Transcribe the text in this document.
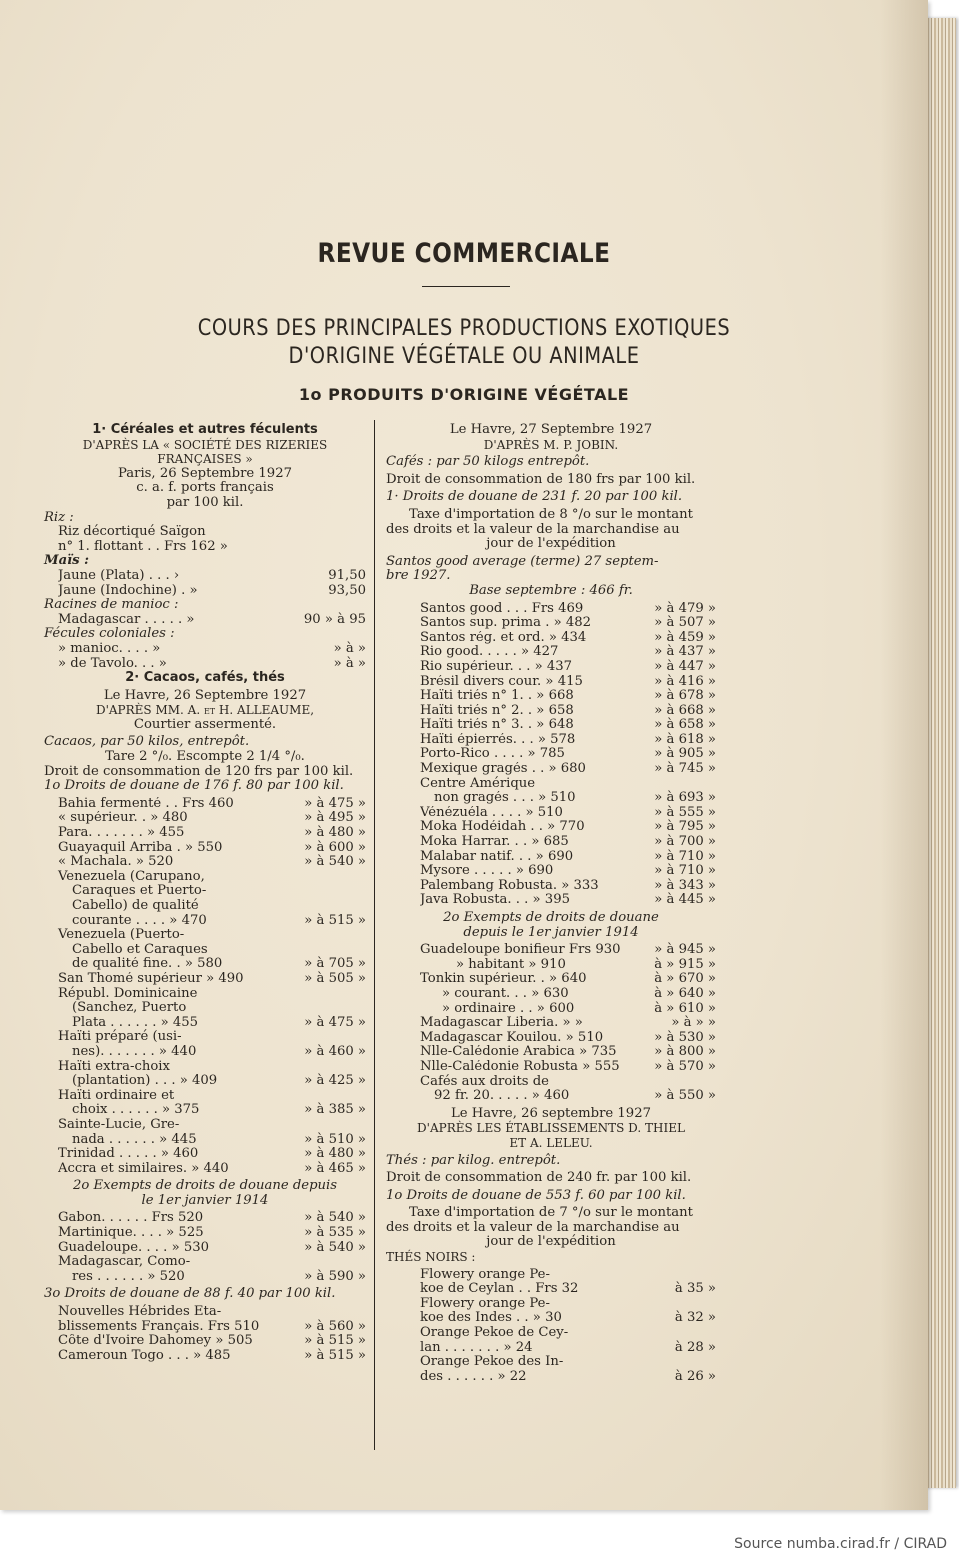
REVUE COMMERCIALE
COURS DES PRINCIPALES PRODUCTIONS EXOTIQUES
D'ORIGINE VÉGÉTALE OU ANIMALE
1o PRODUITS D'ORIGINE VÉGÉTALE
1· Céréales et autres féculents
D'APRÈS LA « SOCIÉTÉ DES RIZERIES
FRANÇAISES »
Paris, 26 Septembre 1927
c. a. f. ports français
par 100 kil.
Riz :
Riz décortiqué Saïgon
n° 1. flottant . . Frs 162 »
Maïs :
Jaune (Plata) . . . ›	91,50
Jaune (Indochine) . »	93,50
Racines de manioc :
Madagascar . . . . . »	90 » à 95
Fécules coloniales :
» manioc. . . . »	» à »
» de Tavolo. . . »	» à »
2· Cacaos, cafés, thés
Le Havre, 26 Septembre 1927
D'APRÈS MM. A. et H. ALLEAUME,
Courtier assermenté.
Cacaos, par 50 kilos, entrepôt.
Tare 2 °/₀. Escompte 2 1/4 °/₀.
Droit de consommation de 120 frs par 100 kil.
1o Droits de douane de 176 f. 80 par 100 kil.
Bahia fermenté . . Frs 460	» à 475 »
« supérieur. . » 480	» à 495 »
Para. . . . . . . » 455	» à 480 »
Guayaquil Arriba . » 550	» à 600 »
« Machala. » 520	» à 540 »
Venezuela (Carupano,
Caraques et Puerto-
Cabello) de qualité
courante . . . . » 470	» à 515 »
Venezuela (Puerto-
Cabello et Caraques
de qualité fine. . » 580	» à 705 »
San Thomé supérieur » 490	» à 505 »
Républ. Dominicaine
(Sanchez, Puerto
Plata . . . . . . » 455	» à 475 »
Haïti préparé (usi-
nes). . . . . . . » 440	» à 460 »
Haïti extra-choix
(plantation) . . . » 409	» à 425 »
Haïti ordinaire et
choix . . . . . . » 375	» à 385 »
Sainte-Lucie, Gre-
nada . . . . . . » 445	» à 510 »
Trinidad . . . . . » 460	» à 480 »
Accra et similaires. » 440	» à 465 »
2o Exempts de droits de douane depuis
le 1er janvier 1914
Gabon. . . . . . Frs 520	» à 540 »
Martinique. . . . » 525	» à 535 »
Guadeloupe. . . . » 530	» à 540 »
Madagascar, Como-
res . . . . . . » 520	» à 590 »
3o Droits de douane de 88 f. 40 par 100 kil.
Nouvelles Hébrides Eta-
blissements Français. Frs 510	» à 560 »
Côte d'Ivoire Dahomey » 505	» à 515 »
Cameroun Togo . . . » 485	» à 515 »
Le Havre, 27 Septembre 1927
D'APRÈS M. P. JOBIN.
Cafés : par 50 kilogs entrepôt.
Droit de consommation de 180 frs par 100 kil.
1· Droits de douane de 231 f. 20 par 100 kil.
Taxe d'importation de 8 °/o sur le montant
des droits et la valeur de la marchandise au
jour de l'expédition
Santos good average (terme) 27 septem-
bre 1927.
Base septembre : 466 fr.
Santos good . . . Frs 469	» à 479 »
Santos sup. prima . » 482	» à 507 »
Santos rég. et ord. » 434	» à 459 »
Rio good. . . . . » 427	» à 437 »
Rio supérieur. . . » 437	» à 447 »
Brésil divers cour. » 415	» à 416 »
Haïti triés n° 1. . » 668	» à 678 »
Haïti triés n° 2. . » 658	» à 668 »
Haïti triés n° 3. . » 648	» à 658 »
Haïti épierrés. . . » 578	» à 618 »
Porto-Rico . . . . » 785	» à 905 »
Mexique gragés . . » 680	» à 745 »
Centre Amérique
non gragés . . . » 510	» à 693 »
Vénézuéla . . . . » 510	» à 555 »
Moka Hodéidah . . » 770	» à 795 »
Moka Harrar. . . » 685	» à 700 »
Malabar natif. . . » 690	» à 710 »
Mysore . . . . . » 690	» à 710 »
Palembang Robusta. » 333	» à 343 »
Java Robusta. . . » 395	» à 445 »
2o Exempts de droits de douane
depuis le 1er janvier 1914
Guadeloupe bonifieur Frs 930	» à 945 »
» habitant » 910	à » 915 »
Tonkin supérieur. . » 640	à » 670 »
» courant. . . » 630	à » 640 »
» ordinaire . . » 600	à » 610 »
Madagascar Liberia. » »	» à » »
Madagascar Kouilou. » 510	» à 530 »
Nlle-Calédonie Arabica » 735	» à 800 »
Nlle-Calédonie Robusta » 555	» à 570 »
Cafés aux droits de
92 fr. 20. . . . . » 460	» à 550 »
Le Havre, 26 septembre 1927
D'APRÈS LES ÉTABLISSEMENTS D. THIEL
ET A. LELEU.
Thés : par kilog. entrepôt.
Droit de consommation de 240 fr. par 100 kil.
1o Droits de douane de 553 f. 60 par 100 kil.
Taxe d'importation de 7 °/o sur le montant
des droits et la valeur de la marchandise au
jour de l'expédition
THÉS NOIRS :
Flowery orange Pe-
koe de Ceylan . . Frs 32	à 35 »
Flowery orange Pe-
koe des Indes . . » 30	à 32 »
Orange Pekoe de Cey-
lan . . . . . . . » 24	à 28 »
Orange Pekoe des In-
des . . . . . . » 22	à 26 »
Source numba.cirad.fr / CIRAD
